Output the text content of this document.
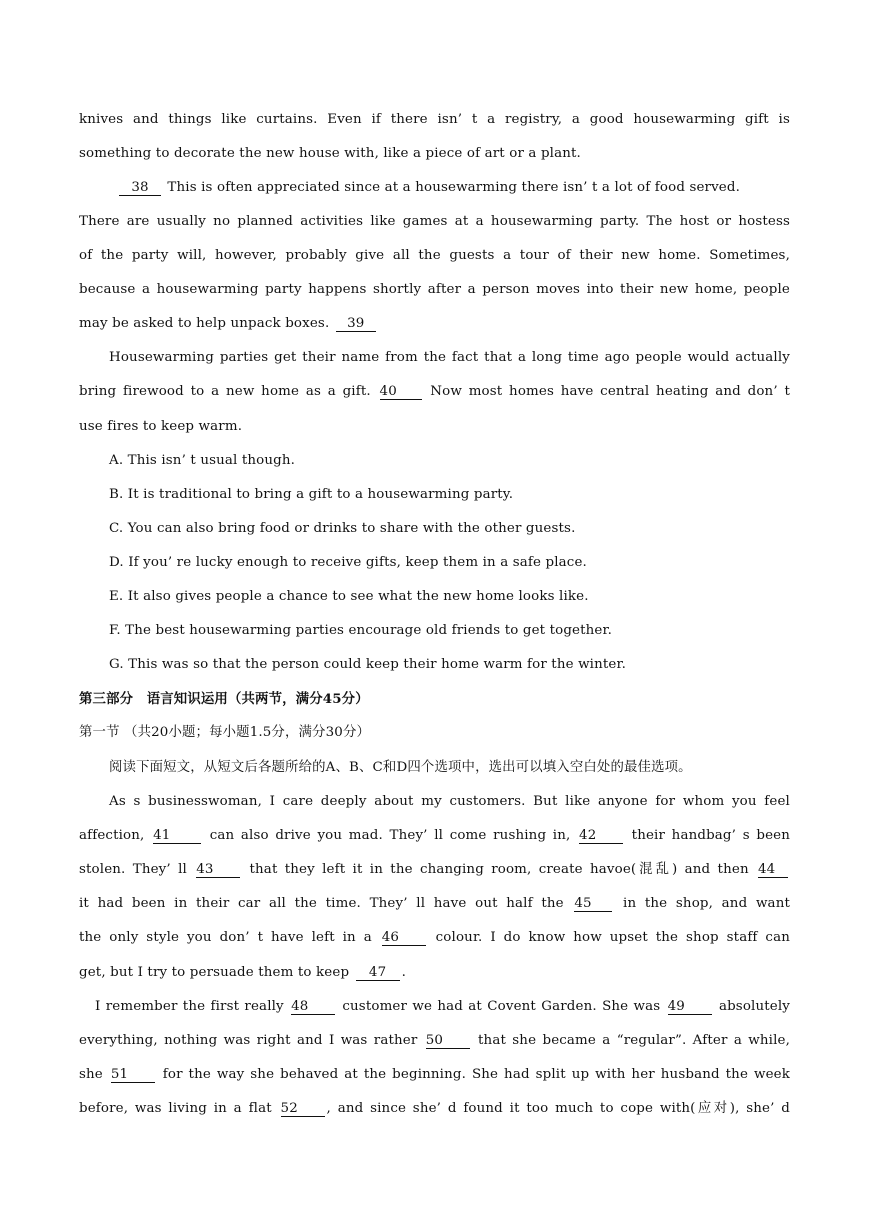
knives and things like curtains. Even if there isn’ t a registry, a good housewarming gift is
something to decorate the new house with, like a piece of art or a plant.
38 This is often appreciated since at a housewarming there isn’ t a lot of food served.
There are usually no planned activities like games at a housewarming party. The host or hostess
of the party will, however, probably give all the guests a tour of their new home. Sometimes,
because a housewarming party happens shortly after a person moves into their new home, people
may be asked to help unpack boxes. 39
Housewarming parties get their name from the fact that a long time ago people would actually
bring firewood to a new home as a gift. 40 Now most homes have central heating and don’ t
use fires to keep warm.
A. This isn’ t usual though.
B. It is traditional to bring a gift to a housewarming party.
C. You can also bring food or drinks to share with the other guests.
D. If you’ re lucky enough to receive gifts, keep them in a safe place.
E. It also gives people a chance to see what the new home looks like.
F. The best housewarming parties encourage old friends to get together.
G. This was so that the person could keep their home warm for the winter.
第三部分　语言知识运用（共两节，满分45分）
第一节 （共20小题；每小题1.5分，满分30分）
阅读下面短文，从短文后各题所给的A、B、C和D四个选项中，选出可以填入空白处的最佳选项。
As s businesswoman, I care deeply about my customers. But like anyone for whom you feel
affection, 41 can also drive you mad. They’ ll come rushing in, 42 their handbag’ s been
stolen. They’ ll 43 that they left it in the changing room, create havoe(混乱) and then 44
it had been in their car all the time. They’ ll have out half the 45 in the shop, and want
the only style you don’ t have left in a 46 colour. I do know how upset the shop staff can
get, but I try to persuade them to keep 47 .
I remember the first really 48 customer we had at Covent Garden. She was 49 absolutely
everything, nothing was right and I was rather 50 that she became a “regular”. After a while,
she 51 for the way she behaved at the beginning. She had split up with her husband the week
before, was living in a flat 52 , and since she’ d found it too much to cope with(应对), she’ d
